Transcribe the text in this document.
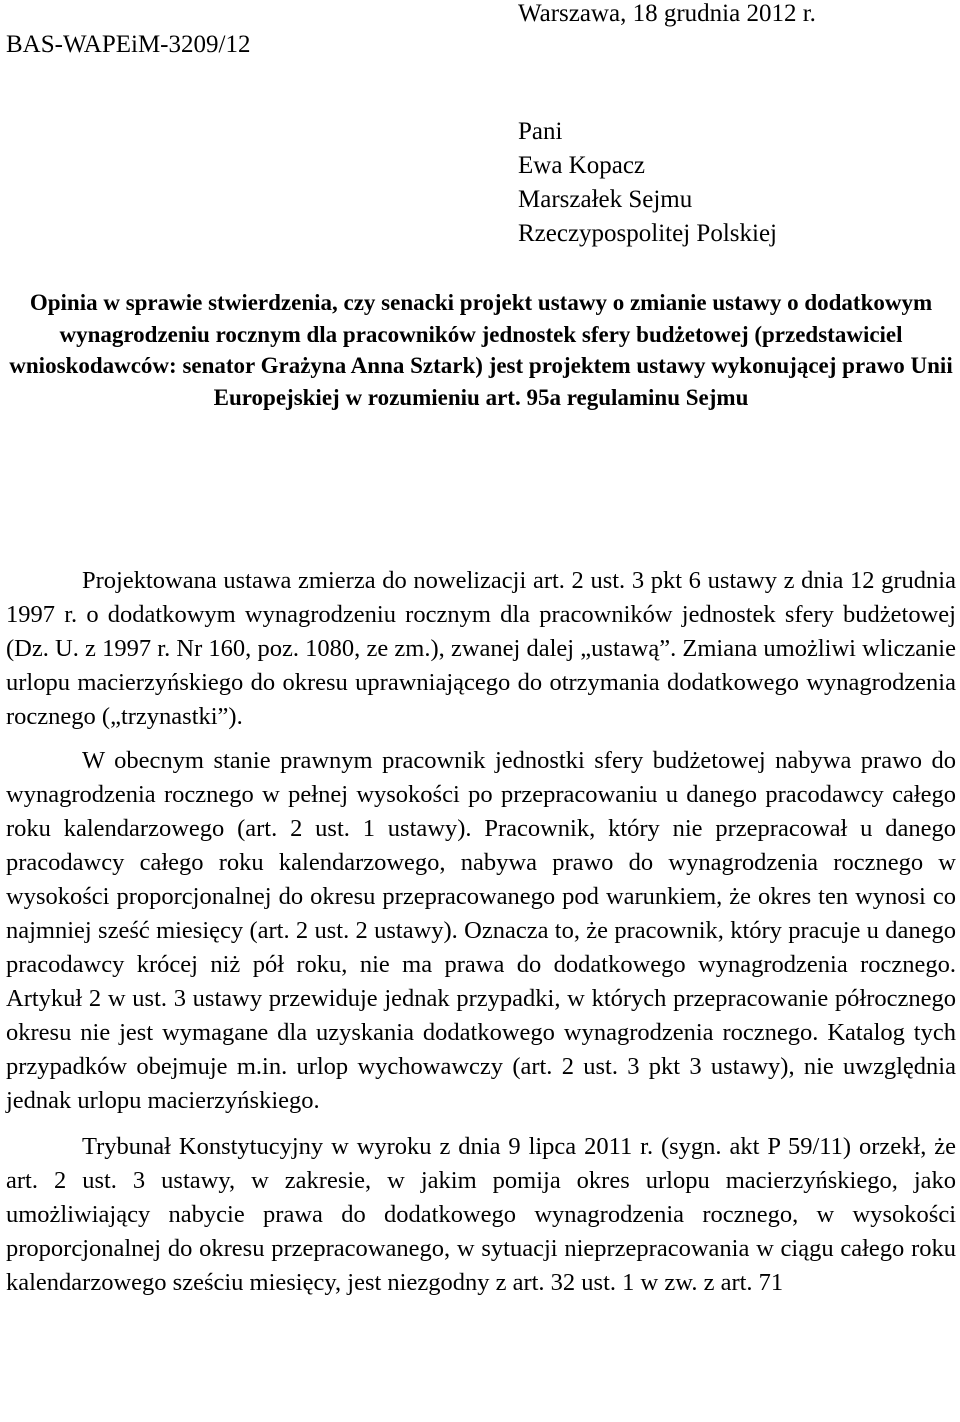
BAS-WAPEiM-3209/12
Warszawa, 18 grudnia 2012 r.
Pani
Ewa Kopacz
Marszałek Sejmu
Rzeczypospolitej Polskiej
Opinia w sprawie stwierdzenia, czy senacki projekt ustawy o zmianie ustawy o dodatkowym wynagrodzeniu rocznym dla pracowników jednostek sfery budżetowej (przedstawiciel wnioskodawców: senator Grażyna Anna Sztark) jest projektem ustawy wykonującej prawo Unii Europejskiej w rozumieniu art. 95a regulaminu Sejmu

Projektowana ustawa zmierza do nowelizacji art. 2 ust. 3 pkt 6 ustawy z dnia 12 grudnia 1997 r. o dodatkowym wynagrodzeniu rocznym dla pracowników jednostek sfery budżetowej (Dz. U. z 1997 r. Nr 160, poz. 1080, ze zm.), zwanej dalej „ustawą”. Zmiana umożliwi wliczanie urlopu macierzyńskiego do okresu uprawniającego do otrzymania dodatkowego wynagrodzenia rocznego („trzynastki”).

W obecnym stanie prawnym pracownik jednostki sfery budżetowej nabywa prawo do wynagrodzenia rocznego w pełnej wysokości po przepracowaniu u danego pracodawcy całego roku kalendarzowego (art. 2 ust. 1 ustawy). Pracownik, który nie przepracował u danego pracodawcy całego roku kalendarzowego, nabywa prawo do wynagrodzenia rocznego w wysokości proporcjonalnej do okresu przepracowanego pod warunkiem, że okres ten wynosi co najmniej sześć miesięcy (art. 2 ust. 2 ustawy). Oznacza to, że pracownik, który pracuje u danego pracodawcy krócej niż pół roku, nie ma prawa do dodatkowego wynagrodzenia rocznego. Artykuł 2 w ust. 3 ustawy przewiduje jednak przypadki, w których przepracowanie półrocznego okresu nie jest wymagane dla uzyskania dodatkowego wynagrodzenia rocznego. Katalog tych przypadków obejmuje m.in. urlop wychowawczy (art. 2 ust. 3 pkt 3 ustawy), nie uwzględnia jednak urlopu macierzyńskiego.

Trybunał Konstytucyjny w wyroku z dnia 9 lipca 2011 r. (sygn. akt P 59/11) orzekł, że art. 2 ust. 3 ustawy, w zakresie, w jakim pomija okres urlopu macierzyńskiego, jako umożliwiający nabycie prawa do dodatkowego wynagrodzenia rocznego, w wysokości proporcjonalnej do okresu przepracowanego, w sytuacji nieprzepracowania w ciągu całego roku kalendarzowego sześciu miesięcy, jest niezgodny z art. 32 ust. 1 w zw. z art. 71
